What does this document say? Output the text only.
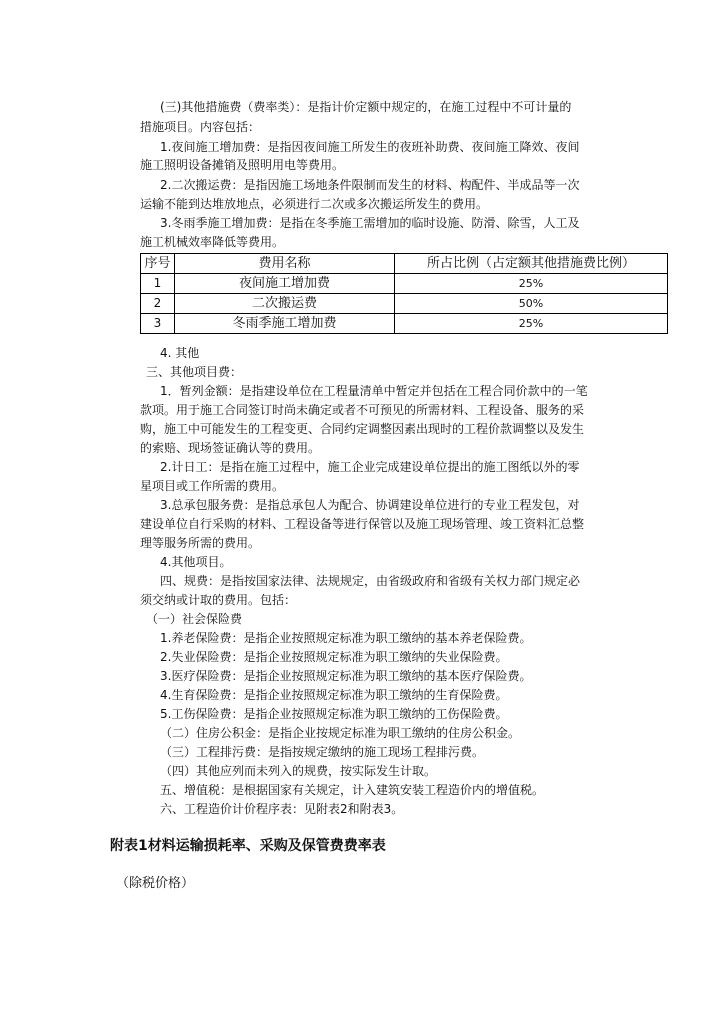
(三)其他措施费（费率类）：是指计价定额中规定的，在施工过程中不可计量的
措施项目。内容包括：
1.夜间施工增加费：是指因夜间施工所发生的夜班补助费、夜间施工降效、夜间
施工照明设备摊销及照明用电等费用。
2.二次搬运费：是指因施工场地条件限制而发生的材料、构配件、半成品等一次
运输不能到达堆放地点，必须进行二次或多次搬运所发生的费用。
3.冬雨季施工增加费：是指在冬季施工需增加的临时设施、防滑、除雪，人工及
施工机械效率降低等费用。
序号	费用名称	所占比例（占定额其他措施费比例）
1	夜间施工增加费	25%
2	二次搬运费	50%
3	冬雨季施工增加费	25%
4. 其他
三、其他项目费：
1．暂列金额：是指建设单位在工程量清单中暂定并包括在工程合同价款中的一笔
款项。用于施工合同签订时尚未确定或者不可预见的所需材料、工程设备、服务的采
购，施工中可能发生的工程变更、合同约定调整因素出现时的工程价款调整以及发生
的索赔、现场签证确认等的费用。
2.计日工：是指在施工过程中，施工企业完成建设单位提出的施工图纸以外的零
星项目或工作所需的费用。
3.总承包服务费：是指总承包人为配合、协调建设单位进行的专业工程发包，对
建设单位自行采购的材料、工程设备等进行保管以及施工现场管理、竣工资料汇总整
理等服务所需的费用。
4.其他项目。
四、规费：是指按国家法律、法规规定，由省级政府和省级有关权力部门规定必
须交纳或计取的费用。包括：
（一）社会保险费
1.养老保险费：是指企业按照规定标准为职工缴纳的基本养老保险费。
2.失业保险费：是指企业按照规定标准为职工缴纳的失业保险费。
3.医疗保险费：是指企业按照规定标准为职工缴纳的基本医疗保险费。
4.生育保险费：是指企业按照规定标准为职工缴纳的生育保险费。
5.工伤保险费：是指企业按照规定标准为职工缴纳的工伤保险费。
（二）住房公积金：是指企业按规定标准为职工缴纳的住房公积金。
（三）工程排污费：是指按规定缴纳的施工现场工程排污费。
（四）其他应列而未列入的规费，按实际发生计取。
五、增值税：是根据国家有关规定，计入建筑安装工程造价内的增值税。
六、工程造价计价程序表：见附表2和附表3。
附表1材料运输损耗率、采购及保管费费率表
（除税价格）
